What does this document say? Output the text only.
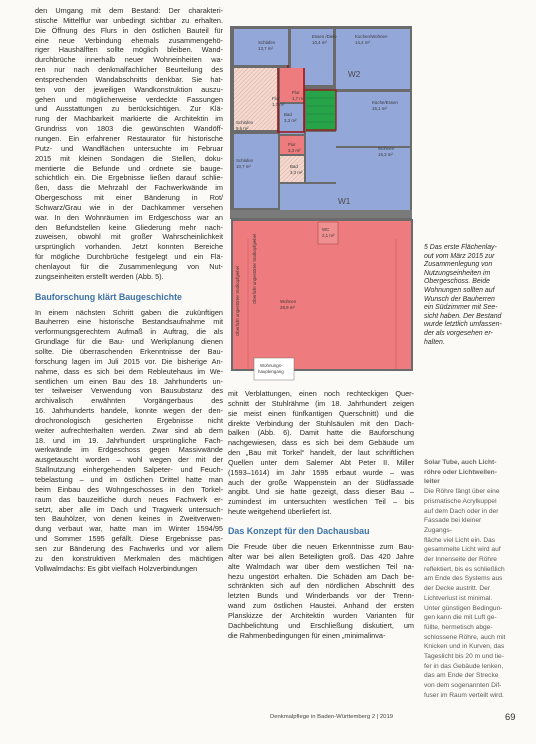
den Umgang mit dem Bestand: Der charakteri-
stische Mittelflur war unbedingt sichtbar zu erhalten.
Die Öffnung des Flurs in den östlichen Bauteil für
eine neue Verbindung ehemals zusammengehö-
riger Haushälften sollte möglich bleiben. Wand-
durchbrüche innerhalb neuer Wohneinheiten wa-
ren nur nach denkmalfachlicher Beurteilung des
entsprechenden Wandabschnitts denkbar. Sie hat-
ten von der jeweiligen Wandkonstruktion auszu-
gehen und möglicherweise verdeckte Fassungen
und Ausstattungen zu berücksichtigen. Zur Klä-
rung der Machbarkeit markierte die Architektin im
Grundriss von 1803 die gewünschten Wandöff-
nungen. Ein erfahrener Restaurator für historische
Putz- und Wandflächen untersuchte im Februar
2015 mit kleinen Sondagen die Stellen, doku-
mentierte die Befunde und ordnete sie bauge-
schichtlich ein. Die Ergebnisse ließen darauf schlie-
ßen, dass die Mehrzahl der Fachwerkwände im
Obergeschoss mit einer Bänderung in Rot/
Schwarz/Grau wie in der Dachkammer versehen
war. In den Wohnräumen im Erdgeschoss war an
den Befundstellen keine Gliederung mehr nach-
zuweisen, obwohl mit großer Wahrscheinlichkeit
ursprünglich vorhanden. Jetzt konnten Bereiche
für mögliche Durchbrüche festgelegt und ein Flä-
chenlayout für die Zusammenlegung von Nut-
zungseinheiten erstellt werden (Abb. 5).
Bauforschung klärt Baugeschichte
In einem nächsten Schritt gaben die zukünftigen
Bauherren eine historische Bestandsaufnahme mit
verformungsgerechtem Aufmaß in Auftrag, die als
Grundlage für die Bau- und Werkplanung dienen
sollte. Die überraschenden Erkenntnisse der Bau-
forschung lagen im Juli 2015 vor. Die bisherige An-
nahme, dass es sich bei dem Rebleutehaus im We-
sentlichen um einen Bau des 18. Jahrhunderts un-
ter teilweiser Verwendung von Bausubstanz des
archivalisch erwähnten Vorgängerbaus des
16. Jahrhunderts handele, konnte wegen der den-
drochronologisch gesicherten Ergebnisse nicht
weiter aufrechterhalten werden. Zwar sind ab dem
18. und im 19. Jahrhundert ursprüngliche Fach-
werkwände im Erdgeschoss gegen Massivwände
ausgetauscht worden – wohl wegen der mit der
Stallnutzung einhergehenden Salpeter- und Feuch-
tebelastung – und im östlichen Drittel hatte man
beim Einbau des Wohngeschosses in den Torkel-
raum das bauzeitliche durch neues Fachwerk er-
setzt, aber alle im Dach und Tragwerk untersuch-
ten Bauhölzer, von denen keines in Zweitverwen-
dung verbaut war, hatte man im Winter 1594/95
und Sommer 1595 gefällt. Diese Ergebnisse pas-
sen zur Bänderung des Fachwerks und vor allem
zu den konstruktiven Merkmalen des mächtigen
Vollwalmdachs: Es gibt vielfach Holzverbindungen
Schlafen
13,7 m²
Essen /Diele
10,4 m²
Kochen/Wohnen
14,4 m²
Schlafen
9,6 m²
Flur
1,7 m²
Flur
1,7 m²
Bad
3,3 m²
Küche/Essen
15,1 m²
Schlafen
10,7 m²	Bad
3,3 m²
Flur
3,3 m²	Wohnen
16,3 m²
Wohnen
28,9 m²
WC
2,1 m²
W2
W1
Oberlicht ungestörter Südkopfgiebel	Oberlicht ungestörter Südkopfgiebel
Wohnungs-
hauptengang
5 Das erste Flächenlay-
out vom März 2015 zur
Zusammenlegung von
Nutzungseinheiten im
Obergeschoss. Beide
Wohnungen sollten auf
Wunsch der Bauherren
ein Südzimmer mit See-
sicht haben. Der Bestand
wurde letztlich umfassen-
der als vorgesehen er-
halten.
mit Verblattungen, einen noch rechteckigen Quer-
schnitt der Stuhlrähme (im 18. Jahrhundert zeigen
sie meist einen fünfkantigen Querschnitt) und die
direkte Verbindung der Stuhlsäulen mit den Dach-
balken (Abb. 6). Damit hatte die Bauforschung
nachgewiesen, dass es sich bei dem Gebäude um
den „Bau mit Torkel“ handelt, der laut schriftlichen
Quellen unter dem Salemer Abt Peter II. Miller
(1593–1614) im Jahr 1595 erbaut wurde – was
auch der große Wappenstein an der Südfassade
angibt. Und sie hatte gezeigt, dass dieser Bau –
zumindest im untersuchten westlichen Teil – bis
heute weitgehend überliefert ist.
Das Konzept für den Dachausbau
Die Freude über die neuen Erkenntnisse zum Bau-
alter war bei allen Beteiligten groß. Das 420 Jahre
alte Walmdach war über dem westlichen Teil na-
hezu ungestört erhalten. Die Schäden am Dach be-
schränkten sich auf den nördlichen Abschnitt des
letzten Bunds und Winderbands vor der Trenn-
wand zum östlichen Haustei. Anhand der ersten
Planskizze der Architektin wurden Varianten für
Dachbelichtung und Erschließung diskutiert, um
die Rahmenbedingungen für einen „minimalinva-
Solar Tube, auch Licht-
röhre oder Lichtwellen-
leiter
Die Röhre fängt über eine
prismatische Acrylkuppel
auf dem Dach oder in der
Fassade bei kleiner Zugangs-
fläche viel Licht ein. Das
gesammelte Licht wird auf
der Innenseite der Röhre
reflektiert, bis es schließlich
am Ende des Systems aus
der Decke austritt. Der
Lichtverlust ist minimal.
Unter günstigen Bedingun-
gen kann die mit Luft ge-
füllte, hermetisch abge-
schlossene Röhre, auch mit
Knicken und in Kurven, das
Tageslicht bis 20 m und tie-
fer in das Gebäude lenken,
das am Ende der Strecke
von dem sogenannten Dif-
fuser im Raum verteilt wird.
Denkmalpflege in Baden-Württemberg 2 | 2019	69
